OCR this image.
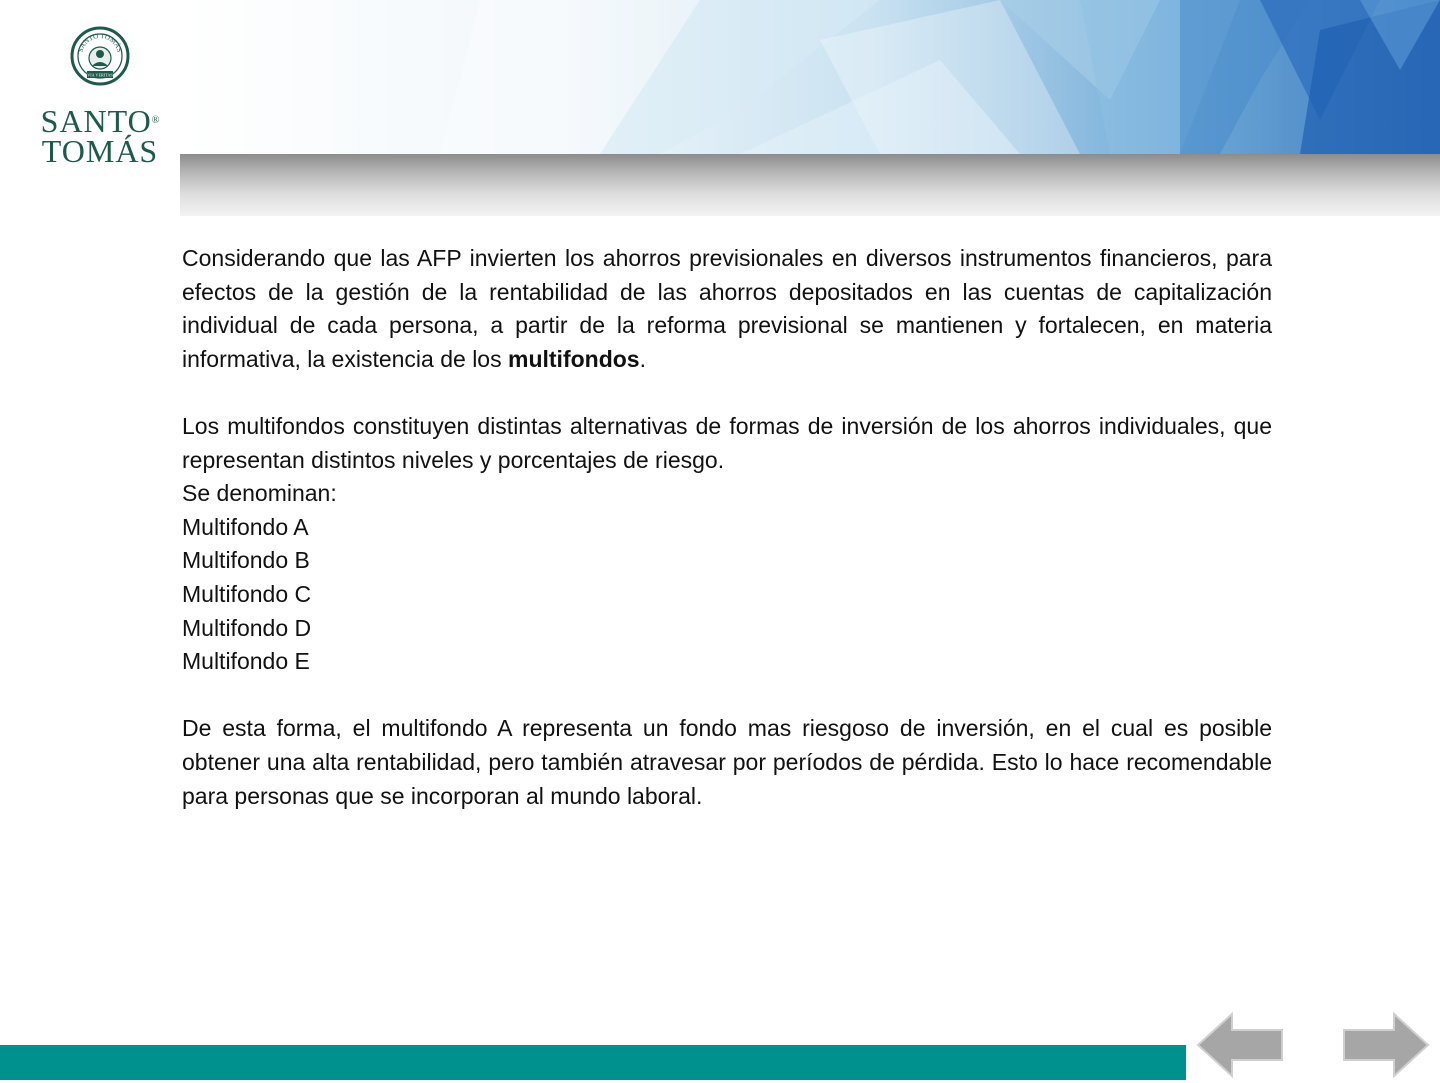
SANTO TOMÁS
VIA VERITAS
SANTO®
TOMÁS

Considerando que las AFP invierten los ahorros previsionales en diversos instrumentos financieros, para efectos de la gestión de la rentabilidad de las ahorros depositados en las cuentas de capitalización individual de cada persona, a partir de la reforma previsional se mantienen y fortalecen, en materia informativa, la existencia de los multifondos.

Los multifondos constituyen distintas alternativas de formas de inversión de los ahorros individuales, que representan distintos niveles y porcentajes de riesgo.

Se denominan:
Multifondo A
Multifondo B
Multifondo C
Multifondo D
Multifondo E

De esta forma, el multifondo A representa un fondo mas riesgoso de inversión, en el cual es posible obtener una alta rentabilidad, pero también atravesar por períodos de pérdida. Esto lo hace recomendable para personas que se incorporan al mundo laboral.
